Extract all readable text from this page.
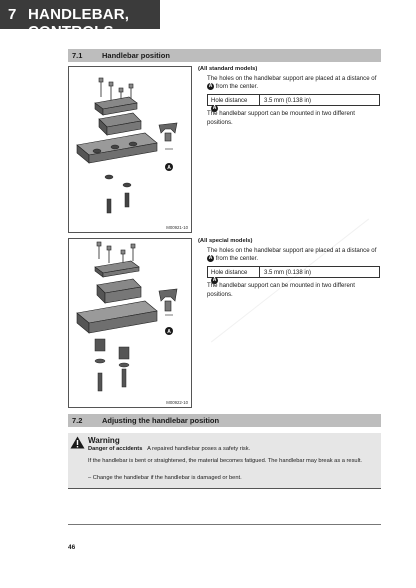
7 HANDLEBAR, CONTROLS
7.1	Handlebar position
A
M00921-10
(All standard models)
The holes on the handlebar support are placed at a distance of A from the center.
Hole distance A
3.5 mm (0.138 in)
The handlebar support can be mounted in two different positions.
A
M00922-10
(All special models)
The holes on the handlebar support are placed at a distance of A from the center.
Hole distance A
3.5 mm (0.138 in)
The handlebar support can be mounted in two different positions.
7.2	Adjusting the handlebar position
Warning
Danger of accidents A repaired handlebar poses a safety risk.
If the handlebar is bent or straightened, the material becomes fatigued. The handlebar may break as a result.
– Change the handlebar if the handlebar is damaged or bent.
46
